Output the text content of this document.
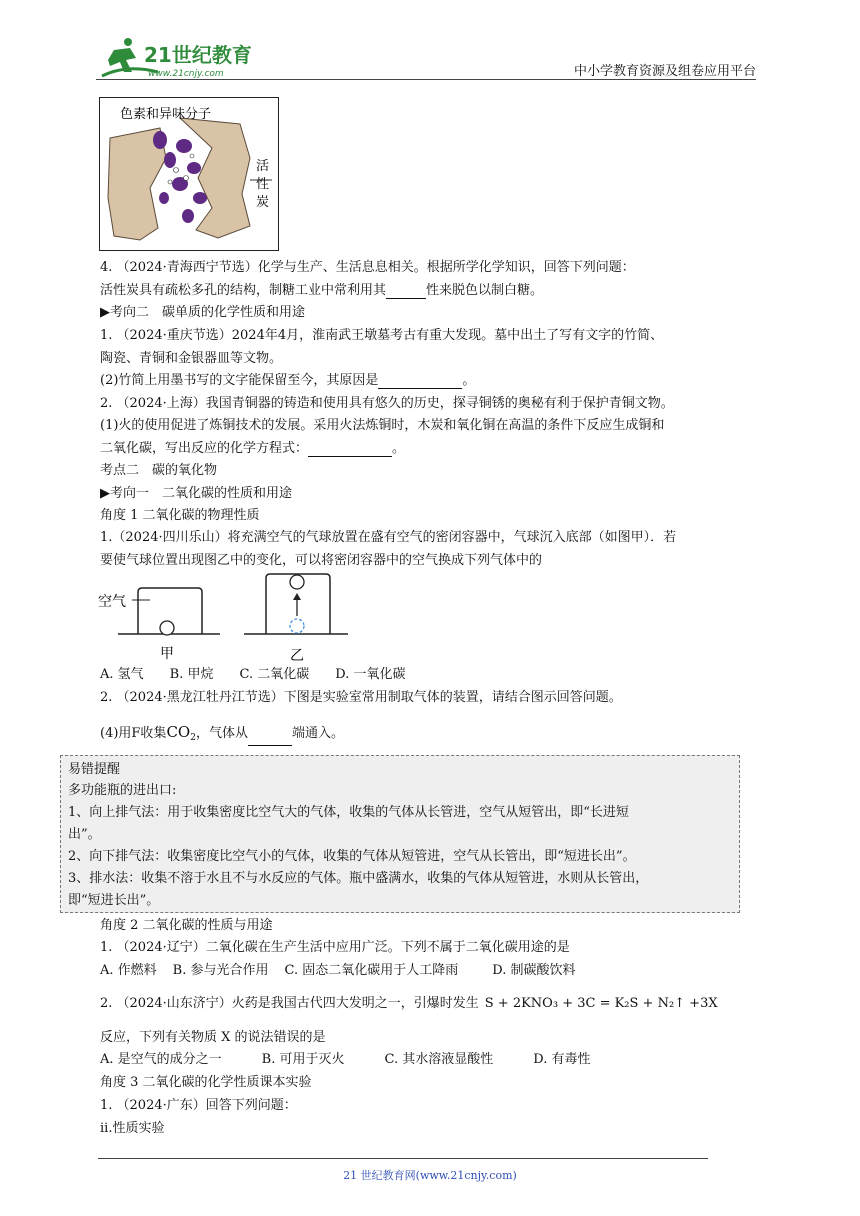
21世纪教育
www.21cnjy.com	中小学教育资源及组卷应用平台
色素和异味分子
活
性
炭
4. （2024·青海西宁节选）化学与生产、生活息息相关。根据所学化学知识，回答下列问题：
活性炭具有疏松多孔的结构，制糖工业中常利用其	性来脱色以制白糖。
▶考向二　碳单质的化学性质和用途
1. （2024·重庆节选）2024年4月，淮南武王墩墓考古有重大发现。墓中出土了写有文字的竹简、
陶瓷、青铜和金银器皿等文物。
(2)竹简上用墨书写的文字能保留至今，其原因是	。
2. （2024·上海）我国青铜器的铸造和使用具有悠久的历史，探寻铜锈的奥秘有利于保护青铜文物。
(1)火的使用促进了炼铜技术的发展。采用火法炼铜时，木炭和氧化铜在高温的条件下反应生成铜和
二氧化碳，写出反应的化学方程式：	。
考点二　碳的氧化物
▶考向一　二氧化碳的性质和用途
角度 1 二氧化碳的物理性质
1.（2024·四川乐山）将充满空气的气球放置在盛有空气的密闭容器中，气球沉入底部（如图甲）．若
要使气球位置出现图乙中的变化，可以将密闭容器中的空气换成下列气体中的
空气
甲	乙
A. 氢气 B. 甲烷 C. 二氧化碳 D. 一氧化碳
2. （2024·黑龙江牡丹江节选）下图是实验室常用制取气体的装置，请结合图示回答问题。
(4)用F收集$CO_2$，气体从	端通入。
易错提醒
多功能瓶的进出口:
1、向上排气法：用于收集密度比空气大的气体，收集的气体从长管进，空气从短管出，即“长进短
出”。
2、向下排气法：收集密度比空气小的气体，收集的气体从短管进，空气从长管出，即“短进长出”。
3、排水法：收集不溶于水且不与水反应的气体。瓶中盛满水，收集的气体从短管进，水则从长管出，
即“短进长出”。
角度 2 二氧化碳的性质与用途
1. （2024·辽宁）二氧化碳在生产生活中应用广泛。下列不属于二氧化碳用途的是
A. 作燃料 B. 参与光合作用 C. 固态二氧化碳用于人工降雨	D. 制碳酸饮料
2. （2024·山东济宁）火药是我国古代四大发明之一，引爆时发生 S + 2KNO₃ + 3C = K₂S + N₂↑ +3X
反应，下列有关物质 X 的说法错误的是
A. 是空气的成分之一	B. 可用于灭火	C. 其水溶液显酸性	D. 有毒性
角度 3 二氧化碳的化学性质课本实验
1. （2024·广东）回答下列问题：
ii.性质实验
21 世纪教育网(www.21cnjy.com)
